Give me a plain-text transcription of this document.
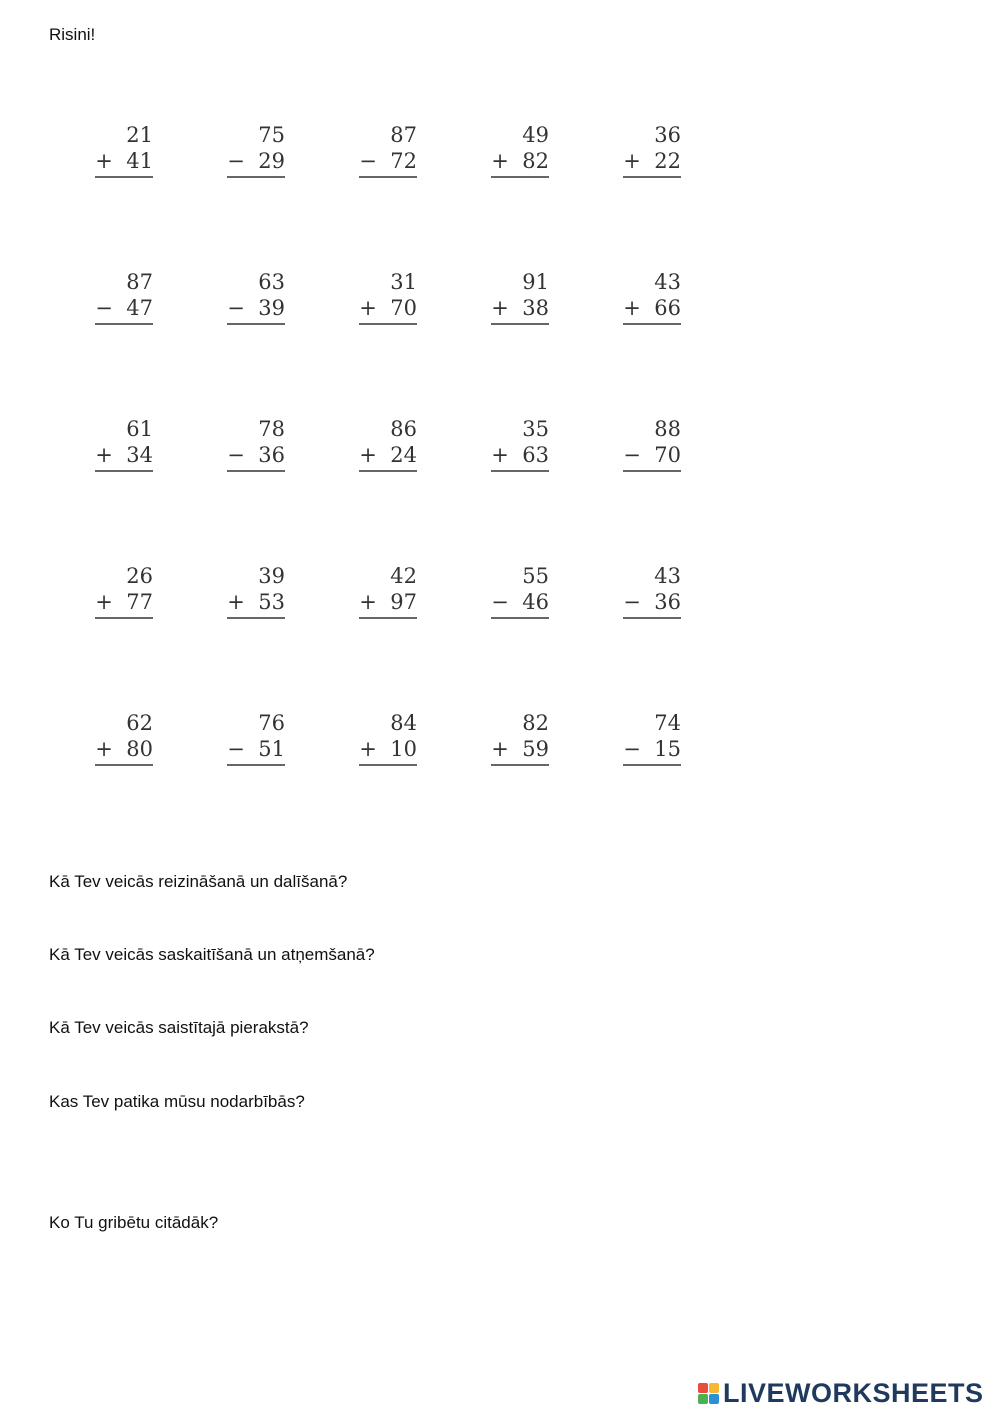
Risini!
21
+ 41
75
− 29
87
− 72
49
+ 82
36
+ 22
87
− 47
63
− 39
31
+ 70
91
+ 38
43
+ 66
61
+ 34
78
− 36
86
+ 24
35
+ 63
88
− 70
26
+ 77
39
+ 53
42
+ 97
55
− 46
43
− 36
62
+ 80
76
− 51
84
+ 10
82
+ 59
74
− 15
Kā Tev veicās reizināšanā un dalīšanā?
Kā Tev veicās saskaitīšanā un atņemšanā?
Kā Tev veicās saistītajā pierakstā?
Kas Tev patika mūsu nodarbībās?
Ko Tu gribētu citādāk?
LIVE WORKSHEETS
